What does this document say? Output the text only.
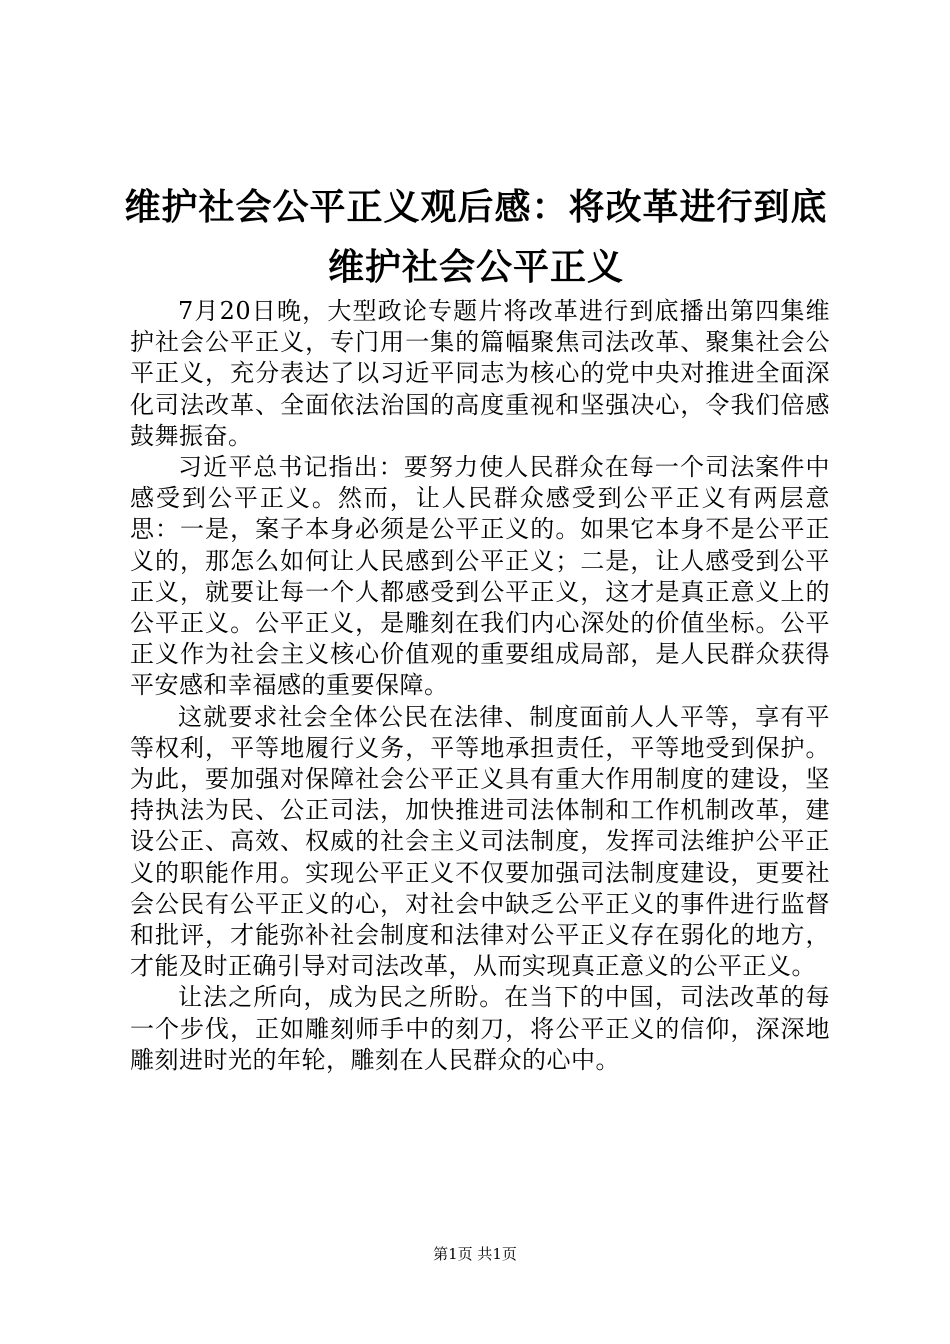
维护社会公平正义观后感：将改革进行到底维护社会公平正义

7月20日晚，大型政论专题片将改革进行到底播出第四集维护社会公平正义，专门用一集的篇幅聚焦司法改革、聚集社会公平正义，充分表达了以习近平同志为核心的党中央对推进全面深化司法改革、全面依法治国的高度重视和坚强决心，令我们倍感鼓舞振奋。

习近平总书记指出：要努力使人民群众在每一个司法案件中感受到公平正义。然而，让人民群众感受到公平正义有两层意思：一是，案子本身必须是公平正义的。如果它本身不是公平正义的，那怎么如何让人民感到公平正义；二是，让人感受到公平正义，就要让每一个人都感受到公平正义，这才是真正意义上的公平正义。公平正义，是雕刻在我们内心深处的价值坐标。公平正义作为社会主义核心价值观的重要组成局部，是人民群众获得平安感和幸福感的重要保障。

这就要求社会全体公民在法律、制度面前人人平等，享有平等权利，平等地履行义务，平等地承担责任，平等地受到保护。为此，要加强对保障社会公平正义具有重大作用制度的建设，坚持执法为民、公正司法，加快推进司法体制和工作机制改革，建设公正、高效、权威的社会主义司法制度，发挥司法维护公平正义的职能作用。实现公平正义不仅要加强司法制度建设，更要社会公民有公平正义的心，对社会中缺乏公平正义的事件进行监督和批评，才能弥补社会制度和法律对公平正义存在弱化的地方，才能及时正确引导对司法改革，从而实现真正意义的公平正义。

让法之所向，成为民之所盼。在当下的中国，司法改革的每一个步伐，正如雕刻师手中的刻刀，将公平正义的信仰，深深地雕刻进时光的年轮，雕刻在人民群众的心中。

第1页 共1页
